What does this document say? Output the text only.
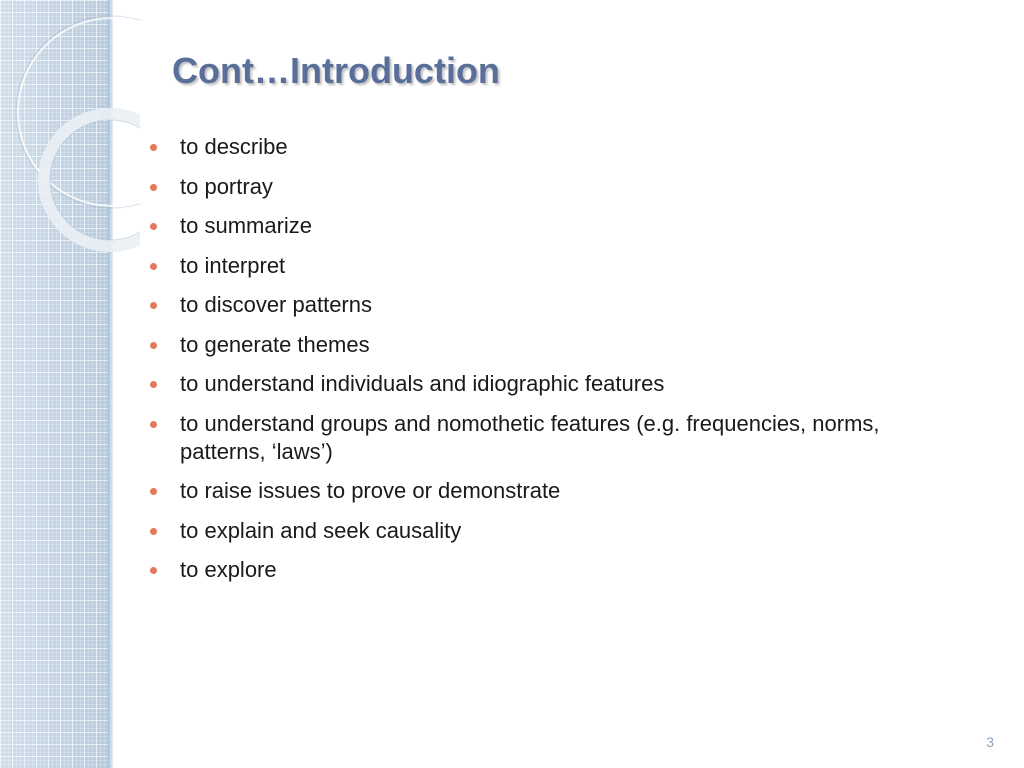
Cont…Introduction
to describe
to portray
to summarize
to interpret
to discover patterns
to generate themes
to understand individuals and idiographic features
to understand groups and nomothetic features (e.g. frequencies, norms, patterns, ‘laws’)
to raise issues to prove or demonstrate
to explain and seek causality
to explore
3
